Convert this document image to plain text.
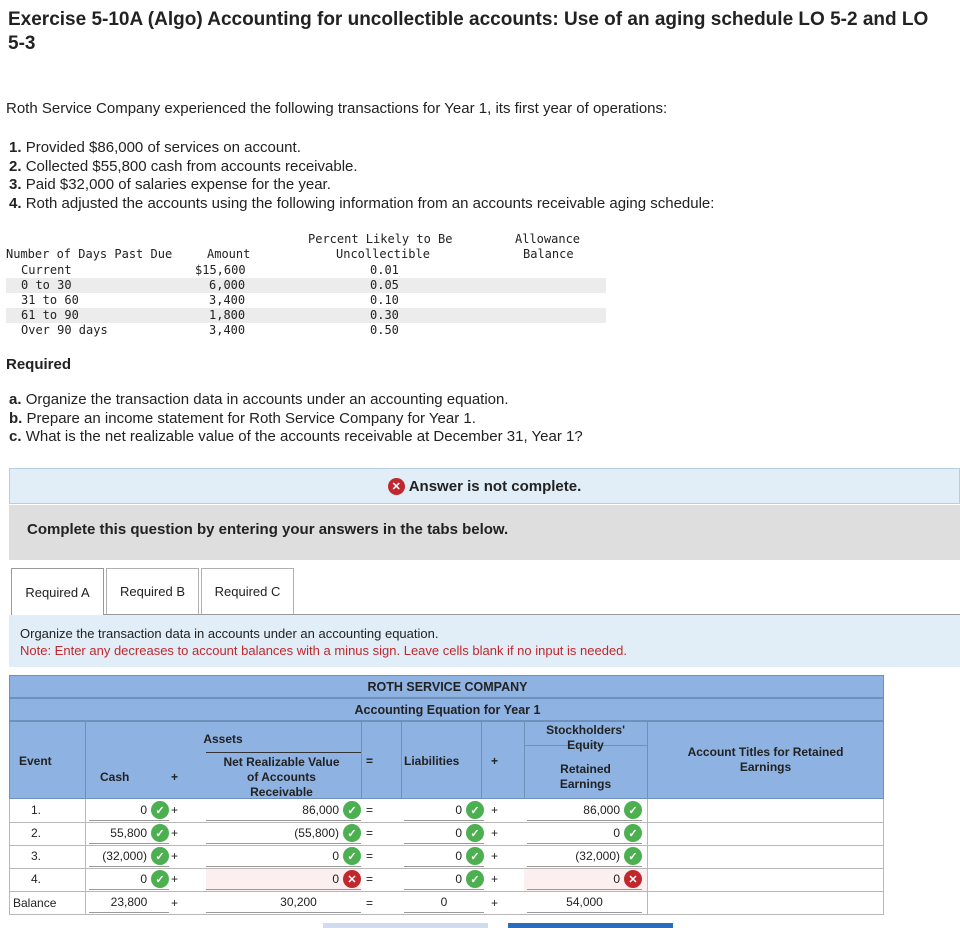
Exercise 5-10A (Algo) Accounting for uncollectible accounts: Use of an aging schedule LO 5-2 and LO 5-3
Roth Service Company experienced the following transactions for Year 1, its first year of operations:
1. Provided $86,000 of services on account.
2. Collected $55,800 cash from accounts receivable.
3. Paid $32,000 of salaries expense for the year.
4. Roth adjusted the accounts using the following information from an accounts receivable aging schedule:
Number of Days Past Due	Amount
Percent Likely to Be
Uncollectible
Allowance
Balance
Current	$15,600	0.01
0 to 30	6,000	0.05
31 to 60	3,400	0.10
61 to 90	1,800	0.30
Over 90 days	3,400	0.50
Required
a. Organize the transaction data in accounts under an accounting equation.
b. Prepare an income statement for Roth Service Company for Year 1.
c. What is the net realizable value of the accounts receivable at December 31, Year 1?
✕ Answer is not complete.
Complete this question by entering your answers in the tabs below.
Required A	Required B	Required C
Organize the transaction data in accounts under an accounting equation.
Note: Enter any decreases to account balances with a minus sign. Leave cells blank if no input is needed.
ROTH SERVICE COMPANY
Accounting Equation for Year 1
Event
Assets
Cash	+
Net Realizable Value
of Accounts
Receivable
=	Liabilities	+
Stockholders'
Equity
Retained
Earnings
Account Titles for Retained
Earnings
1.	0 ✓ +	86,000 ✓ =	0 ✓ +	86,000 ✓
2.	55,800 ✓ +	(55,800) ✓ =	0 ✓ +	0 ✓
3.	(32,000) ✓ +	0 ✓ =	0 ✓ +	(32,000) ✓
4.	0 ✓ +	0 ✕ =	0 ✓ +	0 ✕
Balance	23,800 +	30,200	=	0	+	54,000
